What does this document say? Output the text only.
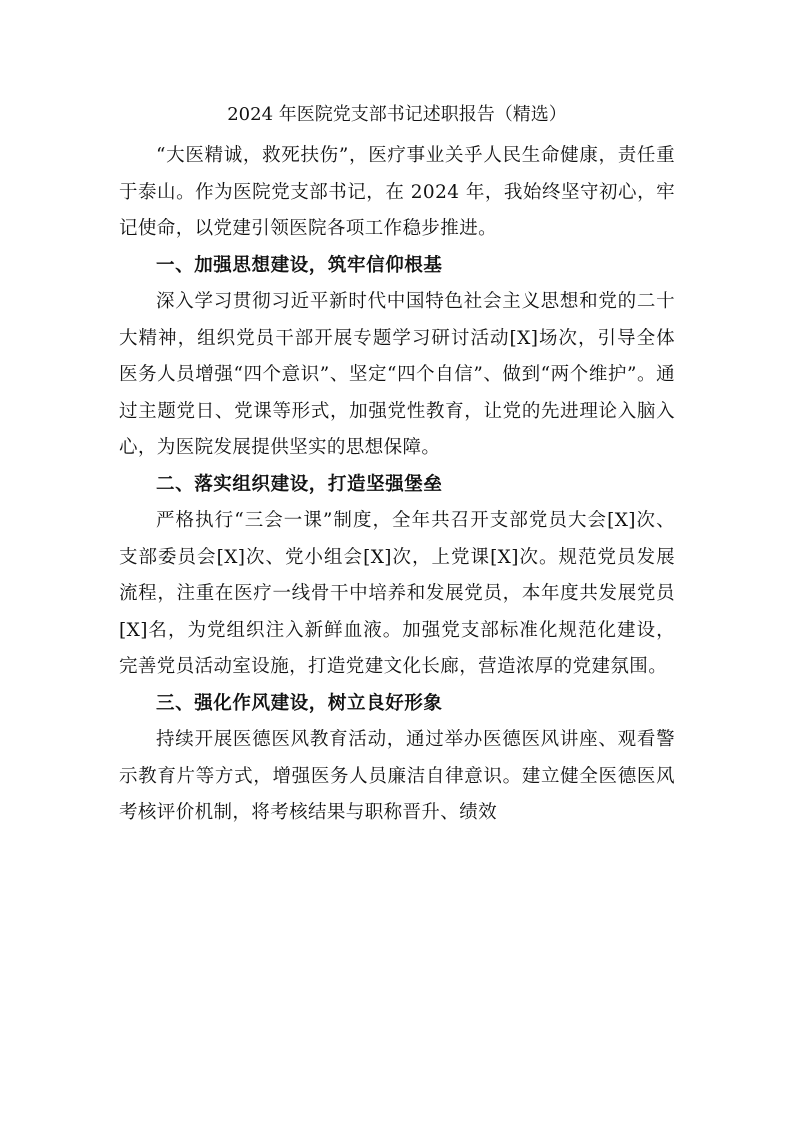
2024 年医院党支部书记述职报告（精选）

“大医精诚，救死扶伤”，医疗事业关乎人民生命健康，责任重于泰山。作为医院党支部书记，在 2024 年，我始终坚守初心，牢记使命，以党建引领医院各项工作稳步推进。

一、加强思想建设，筑牢信仰根基

深入学习贯彻习近平新时代中国特色社会主义思想和党的二十大精神，组织党员干部开展专题学习研讨活动[X]场次，引导全体医务人员增强“四个意识”、坚定“四个自信”、做到“两个维护”。通过主题党日、党课等形式，加强党性教育，让党的先进理论入脑入心，为医院发展提供坚实的思想保障。

二、落实组织建设，打造坚强堡垒

严格执行“三会一课”制度，全年共召开支部党员大会[X]次、支部委员会[X]次、党小组会[X]次，上党课[X]次。规范党员发展流程，注重在医疗一线骨干中培养和发展党员，本年度共发展党员[X]名，为党组织注入新鲜血液。加强党支部标准化规范化建设，完善党员活动室设施，打造党建文化长廊，营造浓厚的党建氛围。

三、强化作风建设，树立良好形象

持续开展医德医风教育活动，通过举办医德医风讲座、观看警示教育片等方式，增强医务人员廉洁自律意识。建立健全医德医风考核评价机制，将考核结果与职称晋升、绩效
